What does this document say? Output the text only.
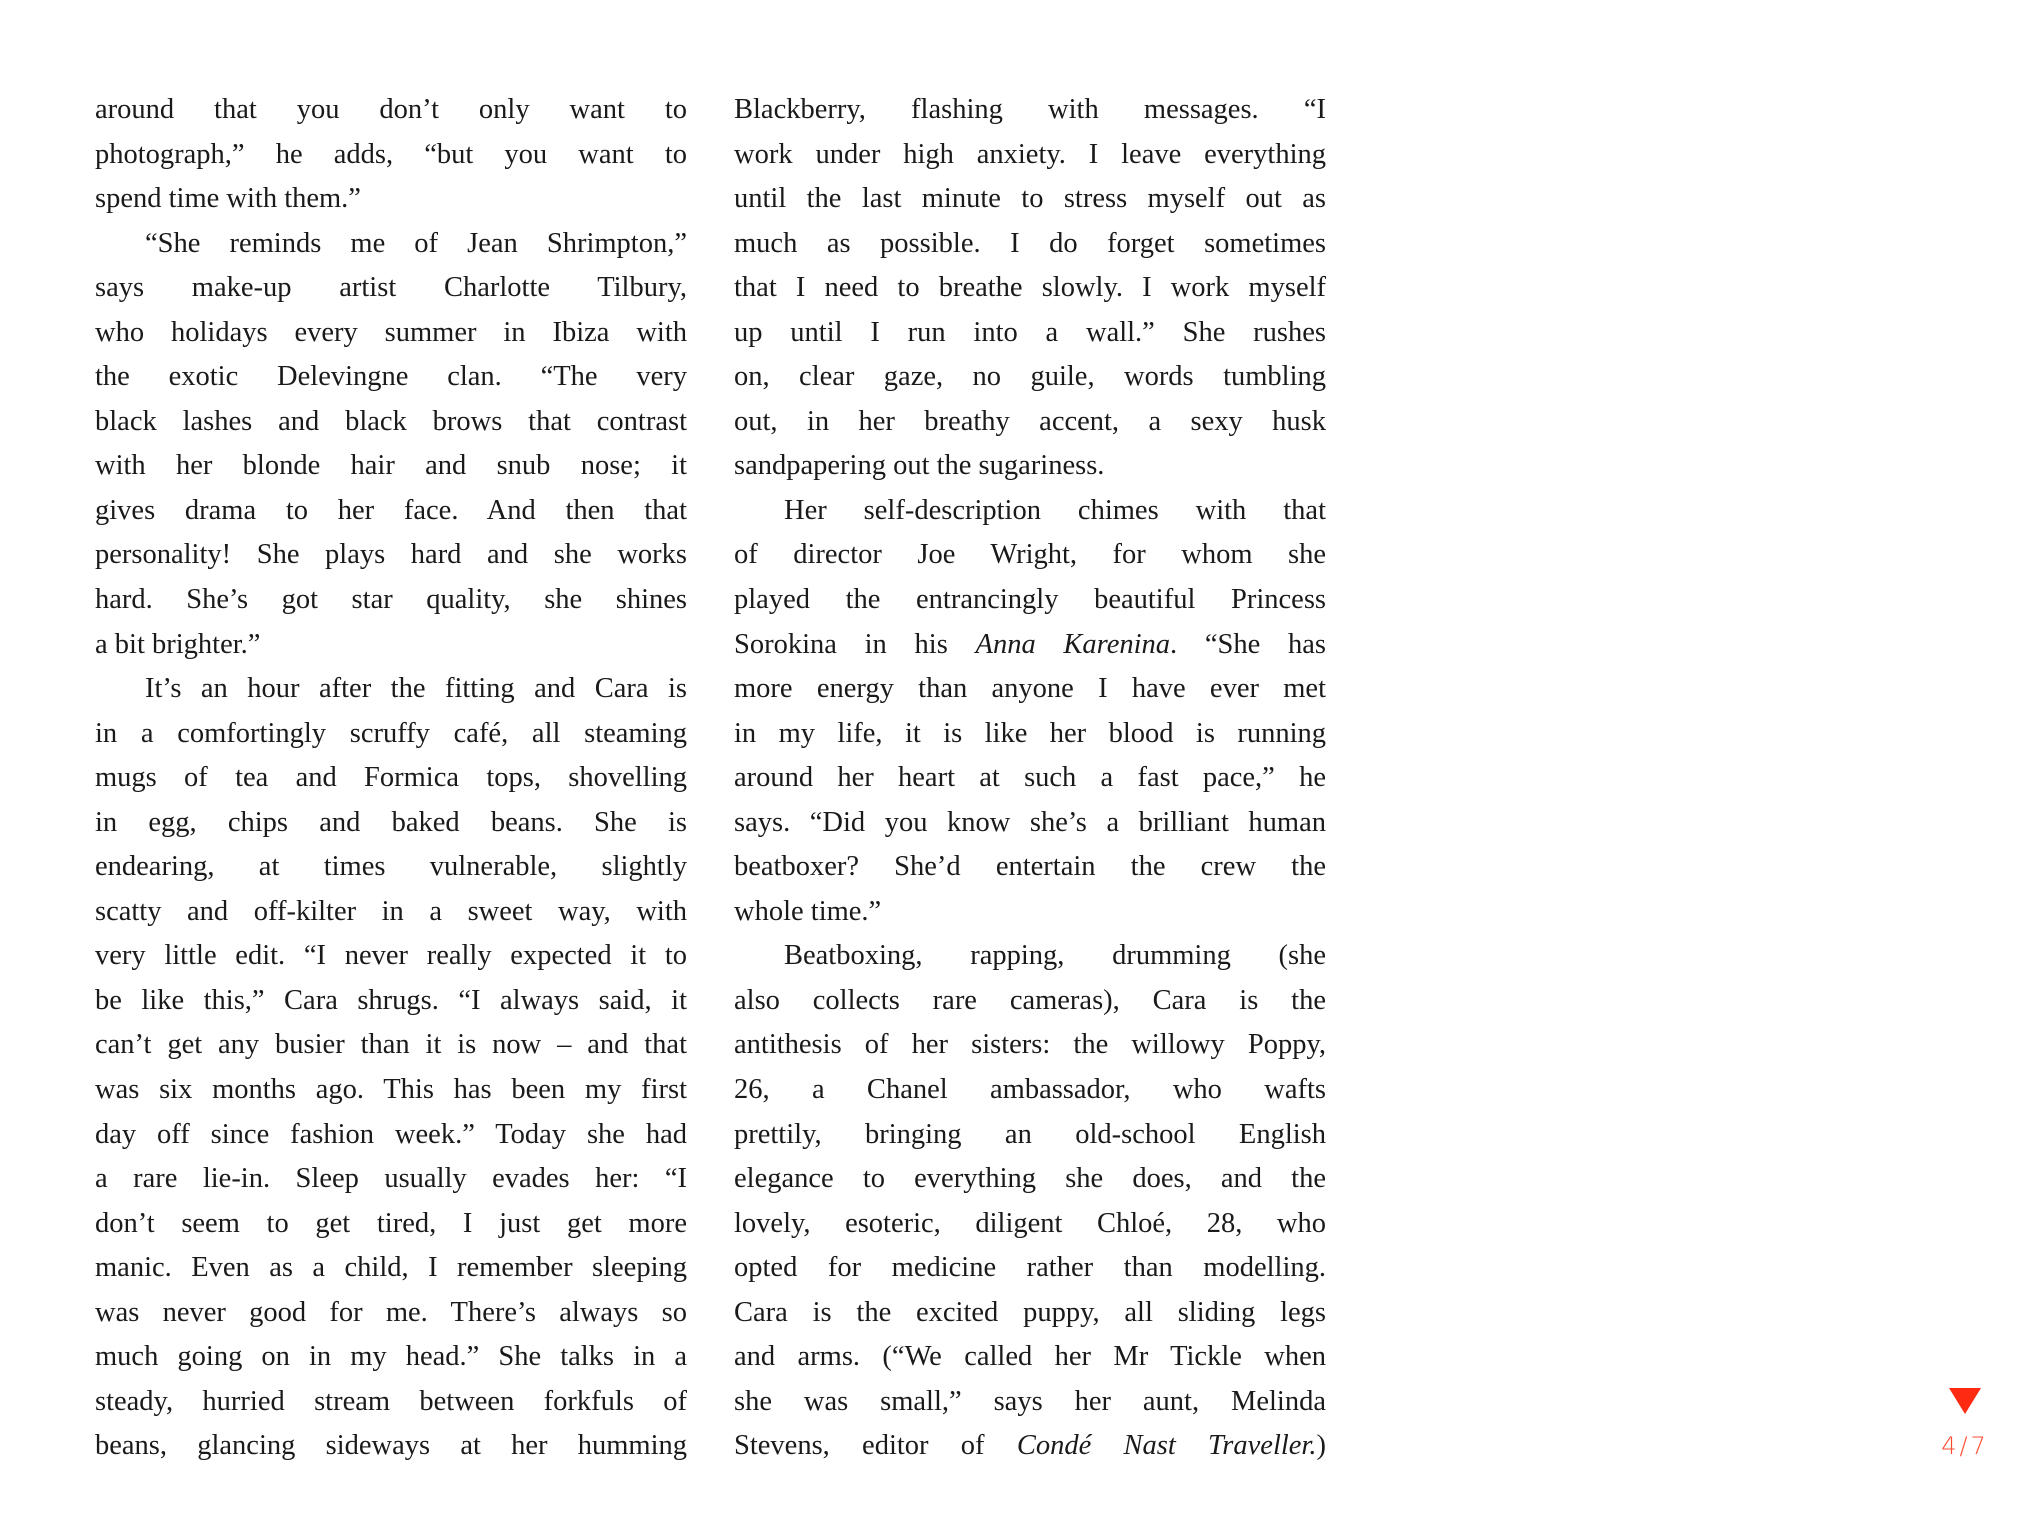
around that you don’t only want to
photograph,” he adds, “but you want to
spend time with them.”
“She reminds me of Jean Shrimpton,”
says make-up artist Charlotte Tilbury,
who holidays every summer in Ibiza with
the exotic Delevingne clan. “The very
black lashes and black brows that contrast
with her blonde hair and snub nose; it
gives drama to her face. And then that
personality! She plays hard and she works
hard. She’s got star quality, she shines
a bit brighter.”
It’s an hour after the fitting and Cara is
in a comfortingly scruffy café, all steaming
mugs of tea and Formica tops, shovelling
in egg, chips and baked beans. She is
endearing, at times vulnerable, slightly
scatty and off-kilter in a sweet way, with
very little edit. “I never really expected it to
be like this,” Cara shrugs. “I always said, it
can’t get any busier than it is now – and that
was six months ago. This has been my first
day off since fashion week.” Today she had
a rare lie-in. Sleep usually evades her: “I
don’t seem to get tired, I just get more
manic. Even as a child, I remember sleeping
was never good for me. There’s always so
much going on in my head.” She talks in a
steady, hurried stream between forkfuls of
beans, glancing sideways at her humming
Blackberry, flashing with messages. “I
work under high anxiety. I leave everything
until the last minute to stress myself out as
much as possible. I do forget sometimes
that I need to breathe slowly. I work myself
up until I run into a wall.” She rushes
on, clear gaze, no guile, words tumbling
out, in her breathy accent, a sexy husk
sandpapering out the sugariness.
Her self-description chimes with that
of director Joe Wright, for whom she
played the entrancingly beautiful Princess
Sorokina in his Anna Karenina. “She has
more energy than anyone I have ever met
in my life, it is like her blood is running
around her heart at such a fast pace,” he
says. “Did you know she’s a brilliant human
beatboxer? She’d entertain the crew the
whole time.”
Beatboxing, rapping, drumming (she
also collects rare cameras), Cara is the
antithesis of her sisters: the willowy Poppy,
26, a Chanel ambassador, who wafts
prettily, bringing an old-school English
elegance to everything she does, and the
lovely, esoteric, diligent Chloé, 28, who
opted for medicine rather than modelling.
Cara is the excited puppy, all sliding legs
and arms. (“We called her Mr Tickle when
she was small,” says her aunt, Melinda
Stevens, editor of Condé Nast Traveller.)	4/7
